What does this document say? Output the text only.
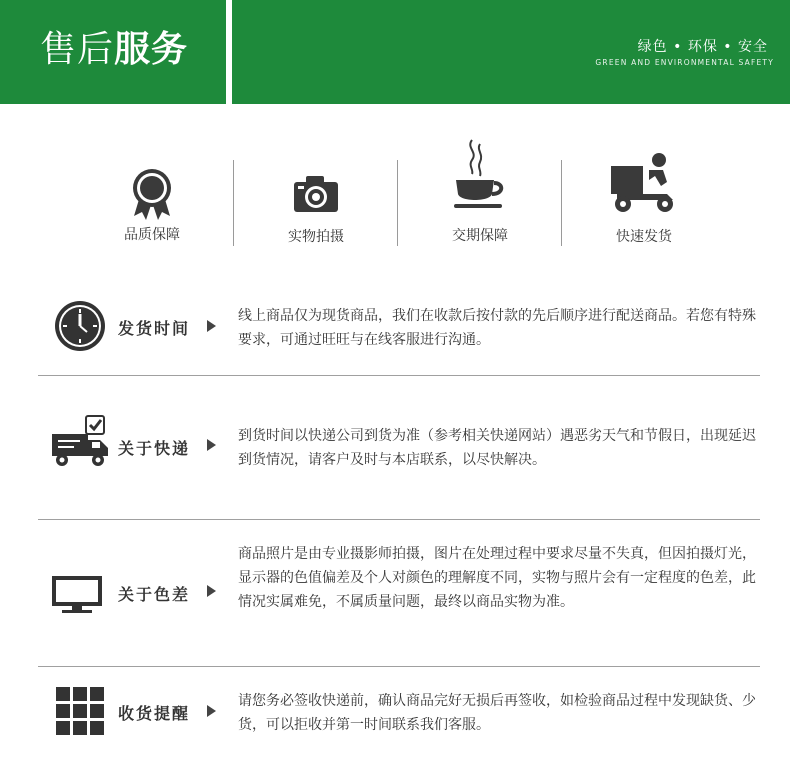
售后服务	绿色 • 环保 • 安全
GREEN AND ENVIRONMENTAL SAFETY
品质保障	实物拍摄	交期保障	快速发货
发货时间
线上商品仅为现货商品，我们在收款后按付款的先后顺序进行配送商品。若您有特殊要求，可通过旺旺与在线客服进行沟通。
关于快递
到货时间以快递公司到货为准（参考相关快递网站）遇恶劣天气和节假日，出现延迟到货情况，请客户及时与本店联系，以尽快解决。
关于色差
商品照片是由专业摄影师拍摄，图片在处理过程中要求尽量不失真，但因拍摄灯光，显示器的色值偏差及个人对颜色的理解度不同，实物与照片会有一定程度的色差，此情况实属难免，不属质量问题，最终以商品实物为准。
收货提醒
请您务必签收快递前，确认商品完好无损后再签收，如检验商品过程中发现缺货、少货，可以拒收并第一时间联系我们客服。
